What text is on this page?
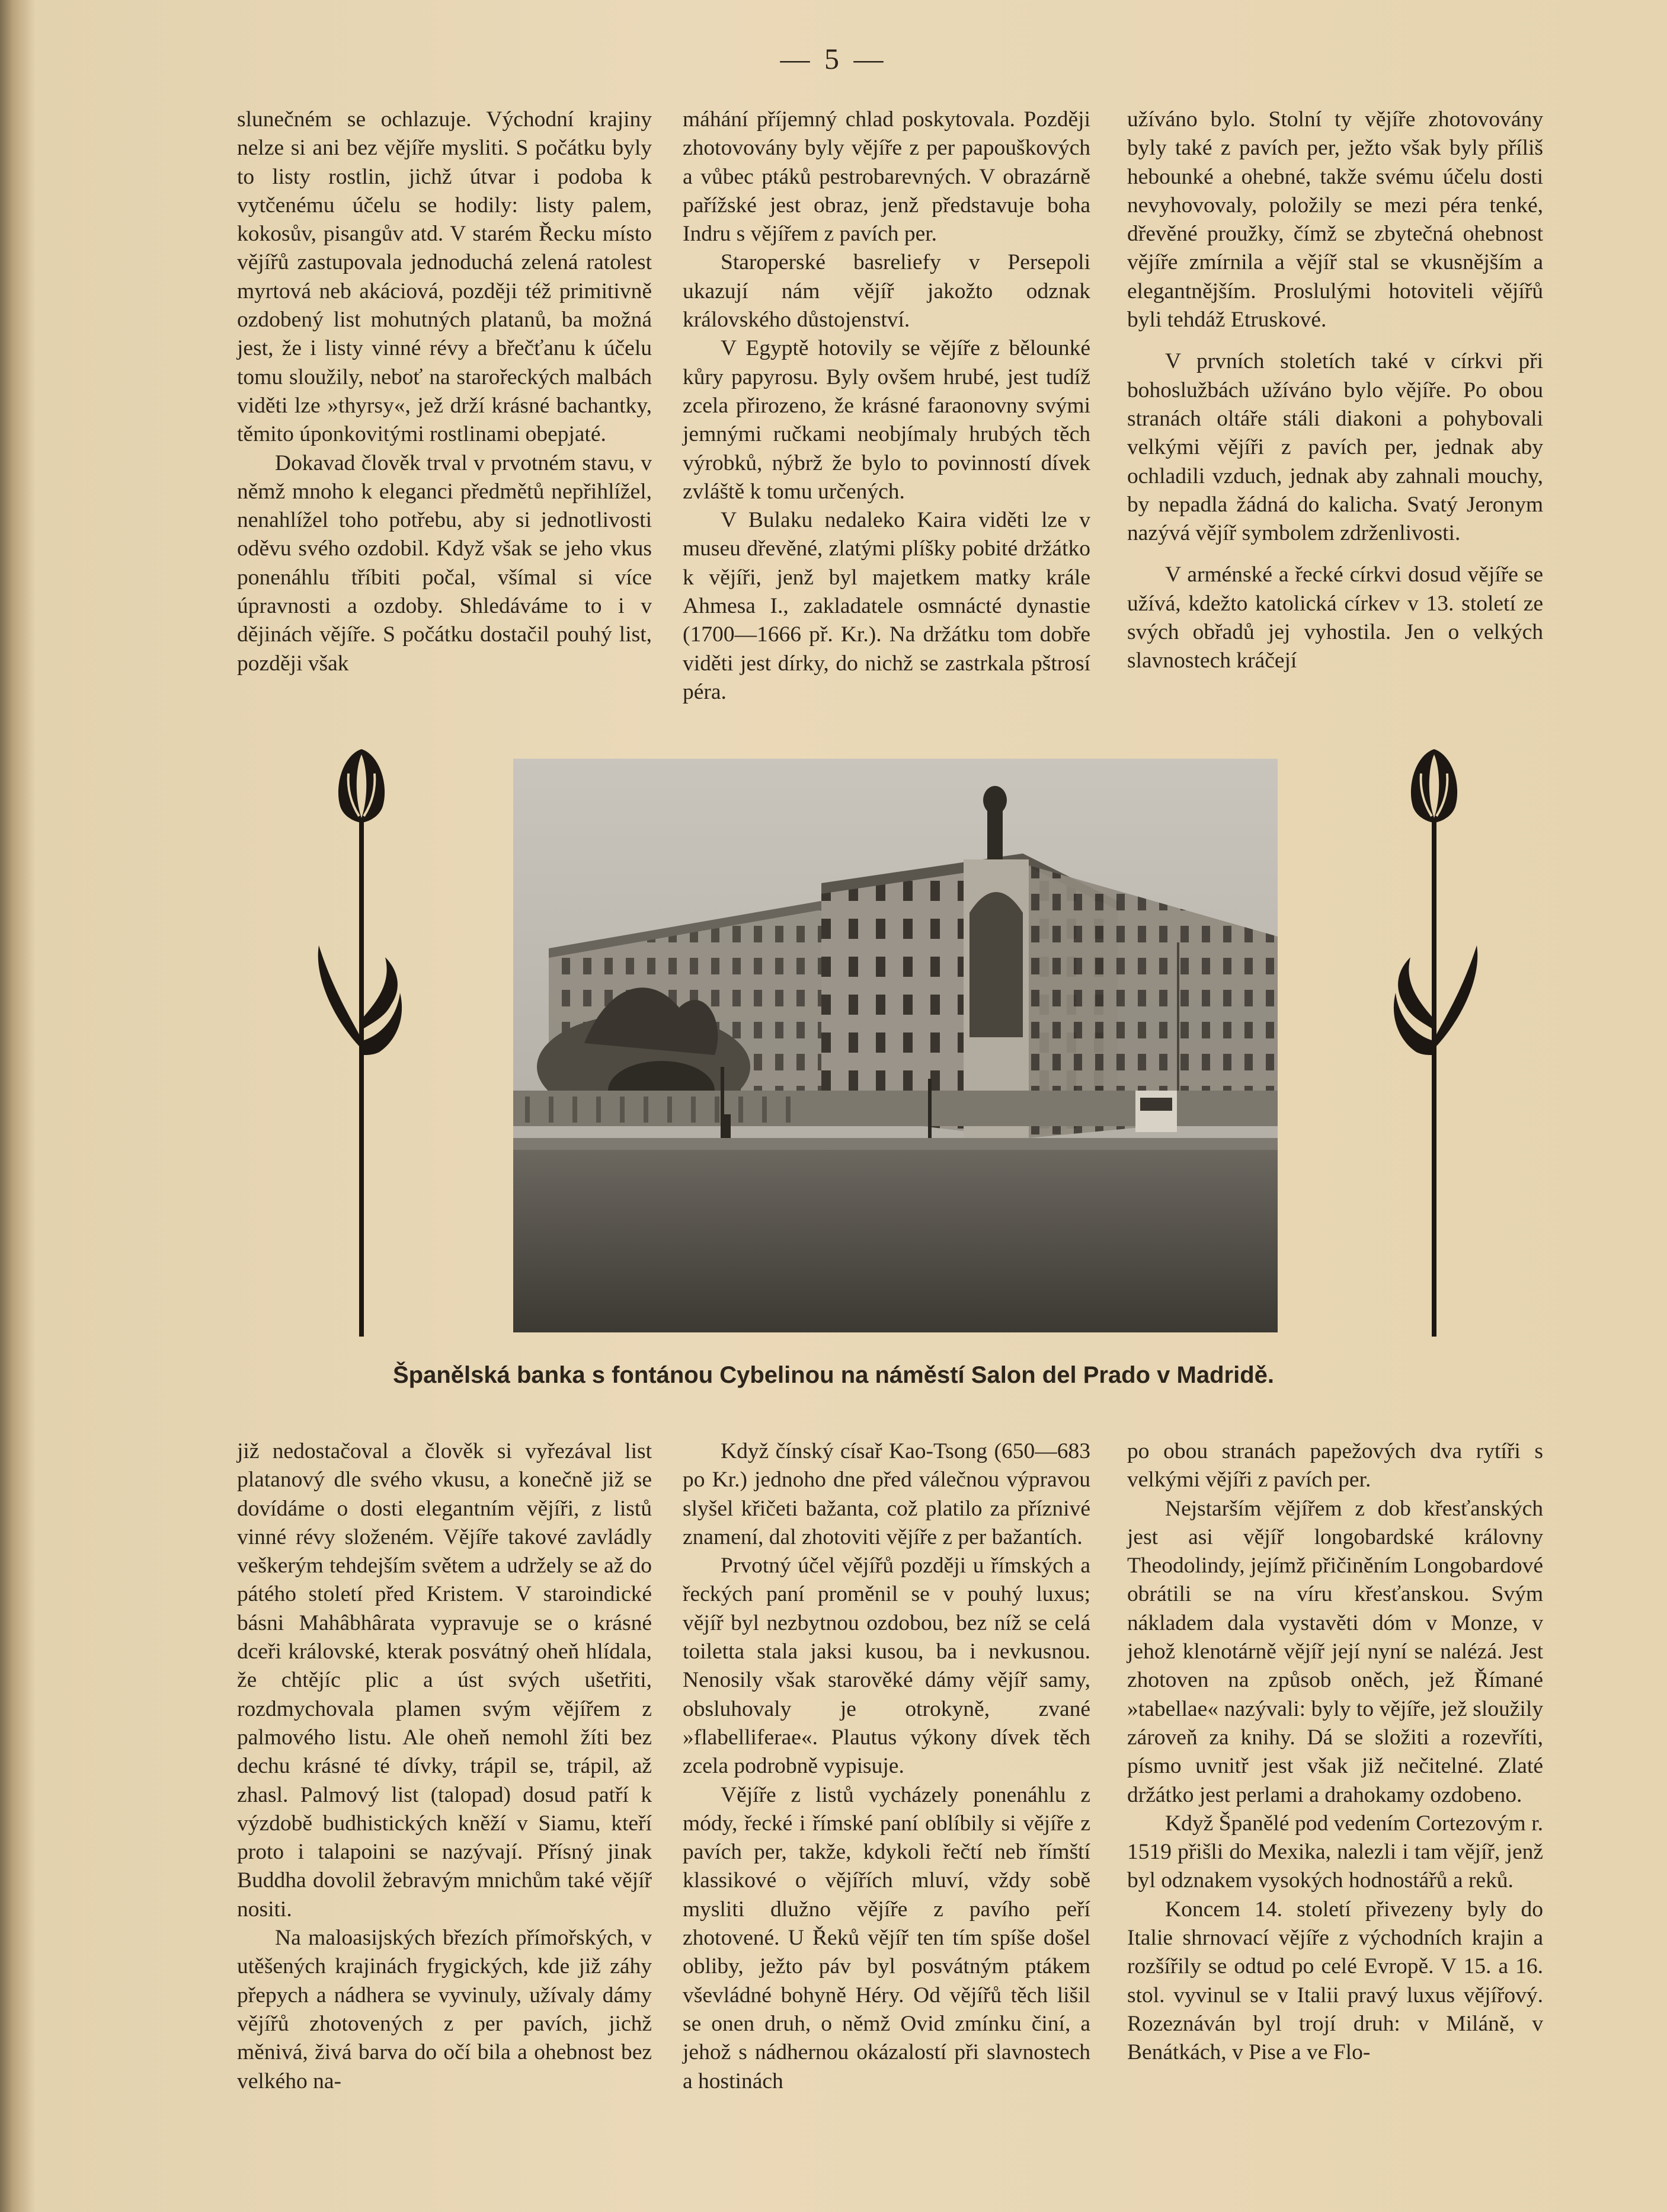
— 5 —

slunečném se ochlazuje. Východní krajiny nelze si ani bez vějíře mysliti. S počátku byly to listy rostlin, jichž útvar i podoba k vytčenému účelu se hodily: listy palem, kokosův, pisangův atd. V starém Řecku místo vějířů zastupovala jednoduchá zelená ratolest myrtová neb akáciová, později též primitivně ozdobený list mohutných platanů, ba možná jest, že i listy vinné révy a břečťanu k účelu tomu sloužily, neboť na starořeckých malbách viděti lze »thyrsy«, jež drží krásné bachantky, těmito úponkovitými rostlinami obepjaté.

Dokavad člověk trval v prvotném stavu, v němž mnoho k eleganci předmětů nepřihlížel, nenahlížel toho potřebu, aby si jednotlivosti oděvu svého ozdobil. Když však se jeho vkus ponenáhlu tříbiti počal, všímal si více úpravnosti a ozdoby. Shledáváme to i v dějinách vějíře. S počátku dostačil pouhý list, později však

máhání příjemný chlad poskytovala. Později zhotovovány byly vějíře z per papouškových a vůbec ptáků pestrobarevných. V obrazárně pařížské jest obraz, jenž představuje boha Indru s vějířem z pavích per.

Staroperské basreliefy v Persepoli ukazují nám vějíř jakožto odznak královského důstojenství.

V Egyptě hotovily se vějíře z bělounké kůry papyrosu. Byly ovšem hrubé, jest tudíž zcela přirozeno, že krásné faraonovny svými jemnými ručkami neobjímaly hrubých těch výrobků, nýbrž že bylo to povinností dívek zvláště k tomu určených.

V Bulaku nedaleko Kaira viděti lze v museu dřevěné, zlatými plíšky pobité držátko k vějíři, jenž byl majetkem matky krále Ahmesa I., zakladatele osmnácté dynastie (1700—1666 př. Kr.). Na držátku tom dobře viděti jest dírky, do nichž se zastrkala pštrosí péra.

užíváno bylo. Stolní ty vějíře zhotovovány byly také z pavích per, ježto však byly příliš hebounké a ohebné, takže svému účelu dosti nevyhovovaly, položily se mezi péra tenké, dřevěné proužky, čímž se zbytečná ohebnost vějíře zmírnila a vějíř stal se vkusnějším a elegantnějším. Proslulými hotoviteli vějířů byli tehdáž Etruskové.

V prvních stoletích také v církvi při bohoslužbách užíváno bylo vějíře. Po obou stranách oltáře stáli diakoni a pohybovali velkými vějíři z pavích per, jednak aby ochladili vzduch, jednak aby zahnali mouchy, by nepadla žádná do kalicha. Svatý Jeronym nazývá vějíř symbolem zdrženlivosti.

V arménské a řecké církvi dosud vějíře se užívá, kdežto katolická církev v 13. století ze svých obřadů jej vyhostila. Jen o velkých slavnostech kráčejí

Španělská banka s fontánou Cybelinou na náměstí Salon del Prado v Madridě.

již nedostačoval a člověk si vyřezával list platanový dle svého vkusu, a konečně již se dovídáme o dosti elegantním vějíři, z listů vinné révy složeném. Vějíře takové zavládly veškerým tehdejším světem a udržely se až do pátého století před Kristem. V staroindické básni Mahâbhârata vypravuje se o krásné dceři královské, kterak posvátný oheň hlídala, že chtějíc plic a úst svých ušetřiti, rozdmychovala plamen svým vějířem z palmového listu. Ale oheň nemohl žíti bez dechu krásné té dívky, trápil se, trápil, až zhasl. Palmový list (talopad) dosud patří k výzdobě budhistických kněží v Siamu, kteří proto i talapoini se nazývají. Přísný jinak Buddha dovolil žebravým mnichům také vějíř nositi.

Na maloasijských březích přímořských, v utěšených krajinách frygických, kde již záhy přepych a nádhera se vyvinuly, užívaly dámy vějířů zhotovených z per pavích, jichž měnivá, živá barva do očí bila a ohebnost bez velkého na-

Když čínský císař Kao-Tsong (650—683 po Kr.) jednoho dne před válečnou výpravou slyšel křičeti bažanta, což platilo za příznivé znamení, dal zhotoviti vějíře z per bažantích.

Prvotný účel vějířů později u římských a řeckých paní proměnil se v pouhý luxus; vějíř byl nezbytnou ozdobou, bez níž se celá toiletta stala jaksi kusou, ba i nevkusnou. Nenosily však starověké dámy vějíř samy, obsluhovaly je otrokyně, zvané »flabelliferae«. Plautus výkony dívek těch zcela podrobně vypisuje.

Vějíře z listů vycházely ponenáhlu z módy, řecké i římské paní oblíbily si vějíře z pavích per, takže, kdykoli řečtí neb římští klassikové o vějířích mluví, vždy sobě mysliti dlužno vějíře z pavího peří zhotovené. U Řeků vějíř ten tím spíše došel obliby, ježto páv byl posvátným ptákem vševládné bohyně Héry. Od vějířů těch lišil se onen druh, o němž Ovid zmínku činí, a jehož s nádhernou okázalostí při slavnostech a hostinách

po obou stranách papežových dva rytíři s velkými vějíři z pavích per.

Nejstarším vějířem z dob křesťanských jest asi vějíř longobardské královny Theodolindy, jejímž přičiněním Longobardové obrátili se na víru křesťanskou. Svým nákladem dala vystavěti dóm v Monze, v jehož klenotárně vějíř její nyní se nalézá. Jest zhotoven na způsob oněch, jež Římané »tabellae« nazývali: byly to vějíře, jež sloužily zároveň za knihy. Dá se složiti a rozevříti, písmo uvnitř jest však již nečitelné. Zlaté držátko jest perlami a drahokamy ozdobeno.

Když Španělé pod vedením Cortezovým r. 1519 přišli do Mexika, nalezli i tam vějíř, jenž byl odznakem vysokých hodnostářů a reků.

Koncem 14. století přivezeny byly do Italie shrnovací vějíře z východních krajin a rozšířily se odtud po celé Evropě. V 15. a 16. stol. vyvinul se v Italii pravý luxus vějířový. Rozeznáván byl trojí druh: v Miláně, v Benátkách, v Pise a ve Flo-
